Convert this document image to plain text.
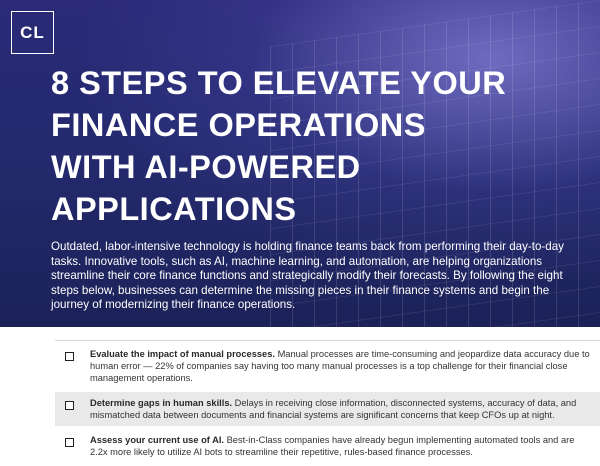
CL
8 STEPS TO ELEVATE YOUR
FINANCE OPERATIONS
WITH AI-POWERED
APPLICATIONS

Outdated, labor-intensive technology is holding finance teams back from performing their day-to-day tasks. Innovative tools, such as AI, machine learning, and automation, are helping organizations streamline their core finance functions and strategically modify their forecasts. By following the eight steps below, businesses can determine the missing pieces in their finance systems and begin the journey of modernizing their finance operations.

Evaluate the impact of manual processes. Manual processes are time-consuming and jeopardize data accuracy due to human error — 22% of companies say having too many manual processes is a top challenge for their financial close management operations.
Determine gaps in human skills. Delays in receiving close information, disconnected systems, accuracy of data, and mismatched data between documents and financial systems are significant concerns that keep CFOs up at night.
Assess your current use of AI. Best-in-Class companies have already begun implementing automated tools and are 2.2x more likely to utilize AI bots to streamline their repetitive, rules-based finance processes.
